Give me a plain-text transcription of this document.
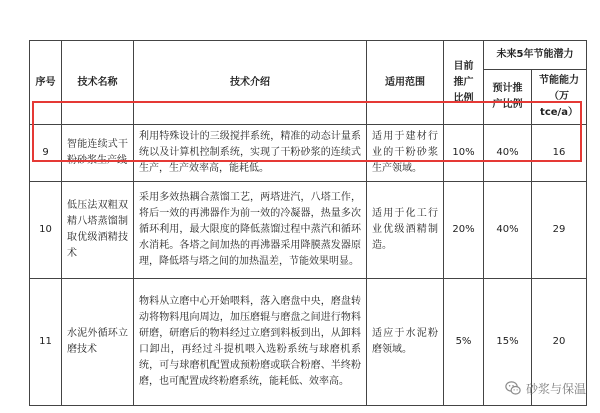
序号	技术名称	技术介绍	适用范围	目前推广比例	未来5年节能潜力	
					预计推广比例	节能能力（万tce/a）
9	智能连续式干粉砂浆生产线	利用特殊设计的三级搅拌系统，精准的动态计量系统以及计算机控制系统，实现了干粉砂浆的连续式生产，生产效率高，能耗低。	适用于建材行业的干粉砂浆生产领域。	10%	40%	16
10	低压法双粗双精八塔蒸馏制取优级酒精技术	采用多效热耦合蒸馏工艺，两塔进汽，八塔工作，将后一效的再沸器作为前一效的冷凝器，热量多次循环利用，最大限度的降低蒸馏过程中蒸汽和循环水消耗。各塔之间加热的再沸器采用降膜蒸发器原理，降低塔与塔之间的加热温差，节能效果明显。	适用于化工行业优级酒精制造。	20%	40%	29
11	水泥外循环立磨技术	物料从立磨中心开始喂料，落入磨盘中央，磨盘转动将物料甩向周边，加压磨辊与磨盘之间进行物料研磨，研磨后的物料经过立磨到料板到出，从卸料口卸出，再经过斗提机喂入选粉系统与球磨机系统，可与球磨机配置成预粉磨或联合粉磨、半终粉磨，也可配置成终粉磨系统，能耗低、效率高。	适应于水泥粉磨领域。	5%	15%	20
砂浆与保温
